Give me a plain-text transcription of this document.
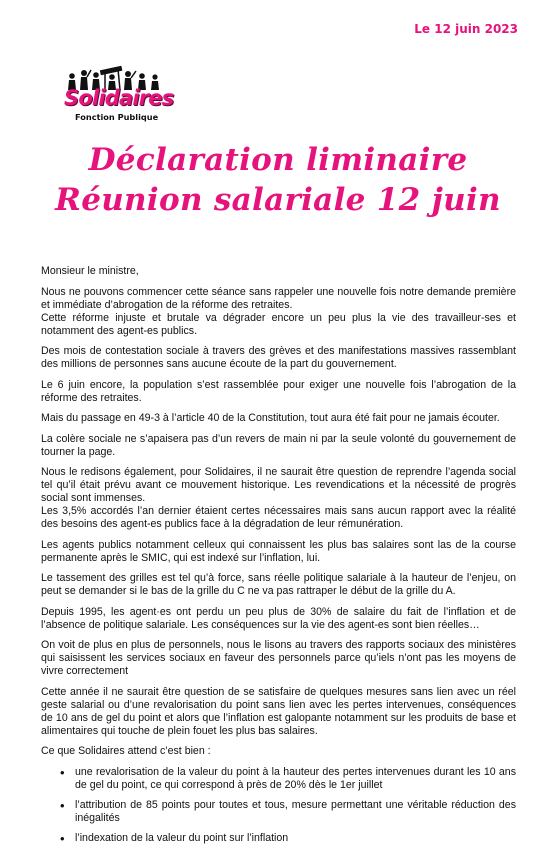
Le 12 juin 2023
Solidaires
Fonction Publique
Déclaration liminaire
Réunion salariale 12 juin

Monsieur le ministre,

Nous ne pouvons commencer cette séance sans rappeler une nouvelle fois notre demande première et immédiate d’abrogation de la réforme des retraites.
Cette réforme injuste et brutale va dégrader encore un peu plus la vie des travailleur-ses et notamment des agent-es publics.

Des mois de contestation sociale à travers des grèves et des manifestations massives rassemblant des millions de personnes sans aucune écoute de la part du gouvernement.

Le 6 juin encore, la population s’est rassemblée pour exiger une nouvelle fois l’abrogation de la réforme des retraites.

Mais du passage en 49-3 à l’article 40 de la Constitution, tout aura été fait pour ne jamais écouter.

La colère sociale ne s’apaisera pas d’un revers de main ni par la seule volonté du gouvernement de tourner la page.

Nous le redisons également, pour Solidaires, il ne saurait être question de reprendre l’agenda social tel qu’il était prévu avant ce mouvement historique. Les revendications et la nécessité de progrès social sont immenses.
Les 3,5% accordés l’an dernier étaient certes nécessaires mais sans aucun rapport avec la réalité des besoins des agent-es publics face à la dégradation de leur rémunération.

Les agents publics notamment celleux qui connaissent les plus bas salaires sont las de la course permanente après le SMIC, qui est indexé sur l’inflation, lui.

Le tassement des grilles est tel qu’à force, sans réelle politique salariale à la hauteur de l’enjeu, on peut se demander si le bas de la grille du C ne va pas rattraper le début de la grille du A.

Depuis 1995, les agent·es ont perdu un peu plus de 30% de salaire du fait de l’inflation et de l’absence de politique salariale. Les conséquences sur la vie des agent-es sont bien réelles…

On voit de plus en plus de personnels, nous le lisons au travers des rapports sociaux des ministères qui saisissent les services sociaux en faveur des personnels parce qu’iels n’ont pas les moyens de vivre correctement

Cette année il ne saurait être question de se satisfaire de quelques mesures sans lien avec un réel geste salarial ou d’une revalorisation du point sans lien avec les pertes intervenues, conséquences de 10 ans de gel du point et alors que l’inflation est galopante notamment sur les produits de base et alimentaires qui touche de plein fouet les plus bas salaires.

Ce que Solidaires attend c’est bien :

• une revalorisation de la valeur du point à la hauteur des pertes intervenues durant les 10 ans de gel du point, ce qui correspond à près de 20% dès le 1er juillet
• l’attribution de 85 points pour toutes et tous, mesure permettant une véritable réduction des inégalités
• l’indexation de la valeur du point sur l’inflation
